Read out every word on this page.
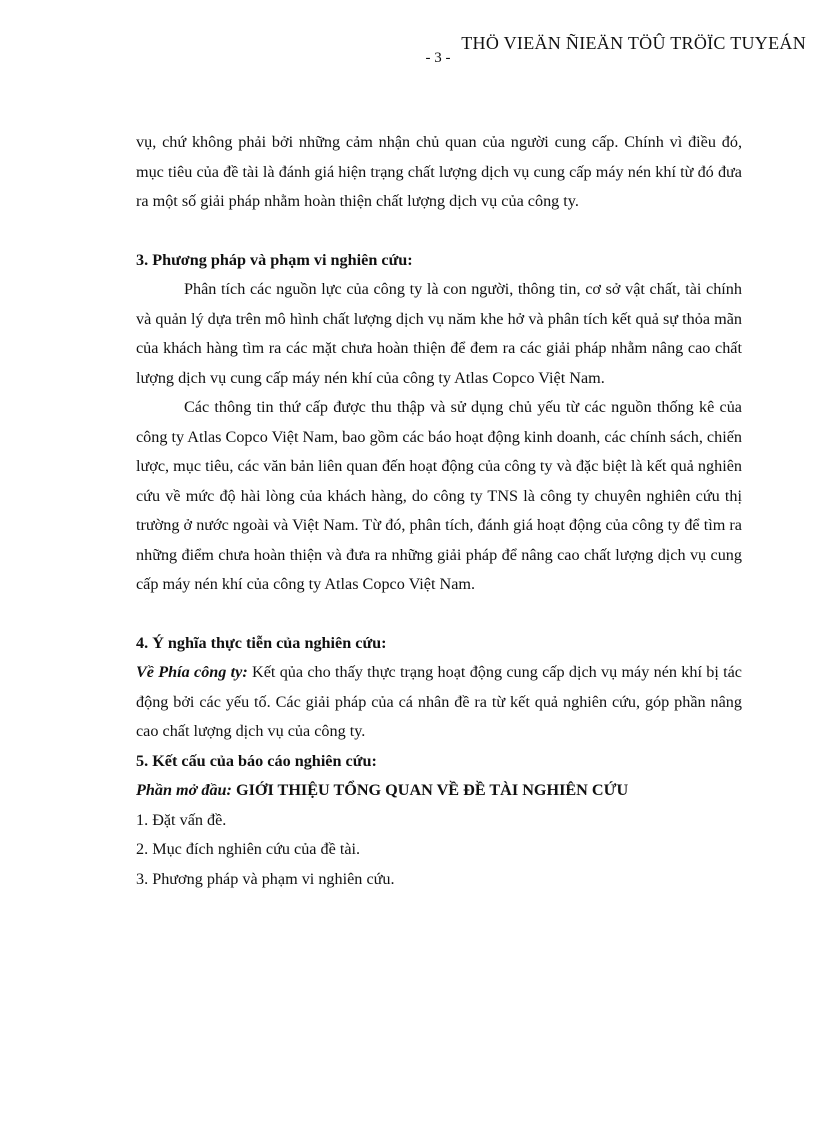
THÖ VIEÄN ÑIEÄN TÖÛ TRÖÏC TUYEÁN
- 3 -

vụ, chứ không phải bởi những cảm nhận chủ quan của người cung cấp. Chính vì điều đó, mục tiêu của đề tài là đánh giá hiện trạng chất lượng dịch vụ cung cấp máy nén khí từ đó đưa ra một số giải pháp nhằm hoàn thiện chất lượng dịch vụ của công ty.

3. Phương pháp và phạm vi nghiên cứu:

Phân tích các nguồn lực của công ty là con người, thông tin, cơ sở vật chất, tài chính và quản lý dựa trên mô hình chất lượng dịch vụ năm khe hở và phân tích kết quả sự thỏa mãn của khách hàng tìm ra các mặt chưa hoàn thiện để đem ra các giải pháp nhằm nâng cao chất lượng dịch vụ cung cấp máy nén khí của công ty Atlas Copco Việt Nam.

Các thông tin thứ cấp được thu thập và sử dụng chủ yếu từ các nguồn thống kê của công ty Atlas Copco Việt Nam, bao gồm các báo hoạt động kinh doanh, các chính sách, chiến lược, mục tiêu, các văn bản liên quan đến hoạt động của công ty và đặc biệt là kết quả nghiên cứu về mức độ hài lòng của khách hàng, do công ty TNS là công ty chuyên nghiên cứu thị trường ở nước ngoài và Việt Nam. Từ đó, phân tích, đánh giá hoạt động của công ty để tìm ra những điểm chưa hoàn thiện và đưa ra những giải pháp để nâng cao chất lượng dịch vụ cung cấp máy nén khí của công ty Atlas Copco Việt Nam.

4. Ý nghĩa thực tiễn của nghiên cứu:

Về Phía công ty: Kết qủa cho thấy thực trạng hoạt động cung cấp dịch vụ máy nén khí bị tác động bởi các yếu tố. Các giải pháp của cá nhân đề ra từ kết quả nghiên cứu, góp phần nâng cao chất lượng dịch vụ của công ty.

5. Kết cấu của báo cáo nghiên cứu:

Phần mở đầu: GIỚI THIỆU TỔNG QUAN VỀ ĐỀ TÀI NGHIÊN CỨU

1. Đặt vấn đề.

2. Mục đích nghiên cứu của đề tài.

3. Phương pháp và phạm vi nghiên cứu.
